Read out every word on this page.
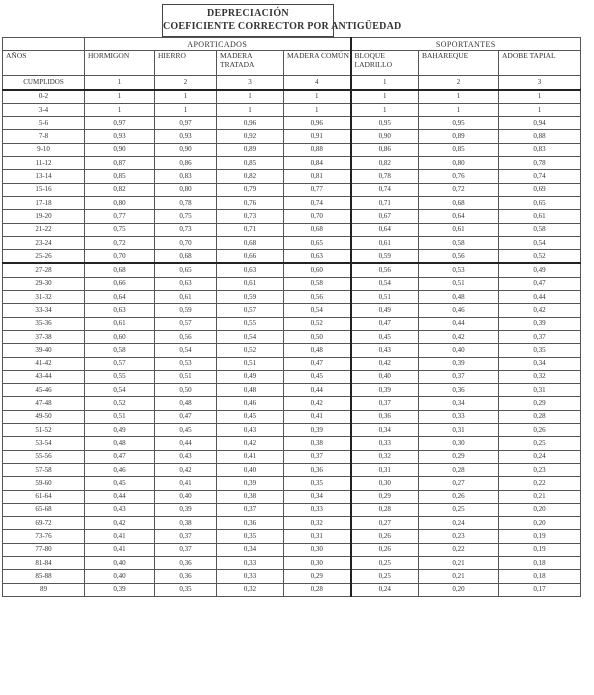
DEPRECIACIÓN
COEFICIENTE CORRECTOR POR ANTIGÜEDAD
	APORTICADOS				SOPORTANTES		
AÑOS	HORMIGON	HIERRO	MADERA TRATADA	MADERA COMÚN	BLOQUE LADRILLO	BAHAREQUE	ADOBE TAPIAL
CUMPLIDOS	1	2	3	4	1	2	3
0-2	1	1	1	1	1	1	1
3-4	1	1	1	1	1	1	1
5-6	0,97	0,97	0,96	0,96	0,95	0,95	0,94
7-8	0,93	0,93	0,92	0,91	0,90	0,89	0,88
9-10	0,90	0,90	0,89	0,88	0,86	0,85	0,83
11-12	0,87	0,86	0,85	0,84	0,82	0,80	0,78
13-14	0,85	0,83	0,82	0,81	0,78	0,76	0,74
15-16	0,82	0,80	0,79	0,77	0,74	0,72	0,69
17-18	0,80	0,78	0,76	0,74	0,71	0,68	0,65
19-20	0,77	0,75	0,73	0,70	0,67	0,64	0,61
21-22	0,75	0,73	0,71	0,68	0,64	0,61	0,58
23-24	0,72	0,70	0,68	0,65	0,61	0,58	0,54
25-26	0,70	0,68	0,66	0,63	0,59	0,56	0,52
27-28	0,68	0,65	0,63	0,60	0,56	0,53	0,49
29-30	0,66	0,63	0,61	0,58	0,54	0,51	0,47
31-32	0,64	0,61	0,59	0,56	0,51	0,48	0,44
33-34	0,63	0,59	0,57	0,54	0,49	0,46	0,42
35-36	0,61	0,57	0,55	0,52	0,47	0,44	0,39
37-38	0,60	0,56	0,54	0,50	0,45	0,42	0,37
39-40	0,58	0,54	0,52	0,48	0,43	0,40	0,35
41-42	0,57	0,53	0,51	0,47	0,42	0,39	0,34
43-44	0,55	0,51	0,49	0,45	0,40	0,37	0,32
45-46	0,54	0,50	0,48	0,44	0,39	0,36	0,31
47-48	0,52	0,48	0,46	0,42	0,37	0,34	0,29
49-50	0,51	0,47	0,45	0,41	0,36	0,33	0,28
51-52	0,49	0,45	0,43	0,39	0,34	0,31	0,26
53-54	0,48	0,44	0,42	0,38	0,33	0,30	0,25
55-56	0,47	0,43	0,41	0,37	0,32	0,29	0,24
57-58	0,46	0,42	0,40	0,36	0,31	0,28	0,23
59-60	0,45	0,41	0,39	0,35	0,30	0,27	0,22
61-64	0,44	0,40	0,38	0,34	0,29	0,26	0,21
65-68	0,43	0,39	0,37	0,33	0,28	0,25	0,20
69-72	0,42	0,38	0,36	0,32	0,27	0,24	0,20
73-76	0,41	0,37	0,35	0,31	0,26	0,23	0,19
77-80	0,41	0,37	0,34	0,30	0,26	0,22	0,19
81-84	0,40	0,36	0,33	0,30	0,25	0,21	0,18
85-88	0,40	0,36	0,33	0,29	0,25	0,21	0,18
89	0,39	0,35	0,32	0,28	0,24	0,20	0,17
